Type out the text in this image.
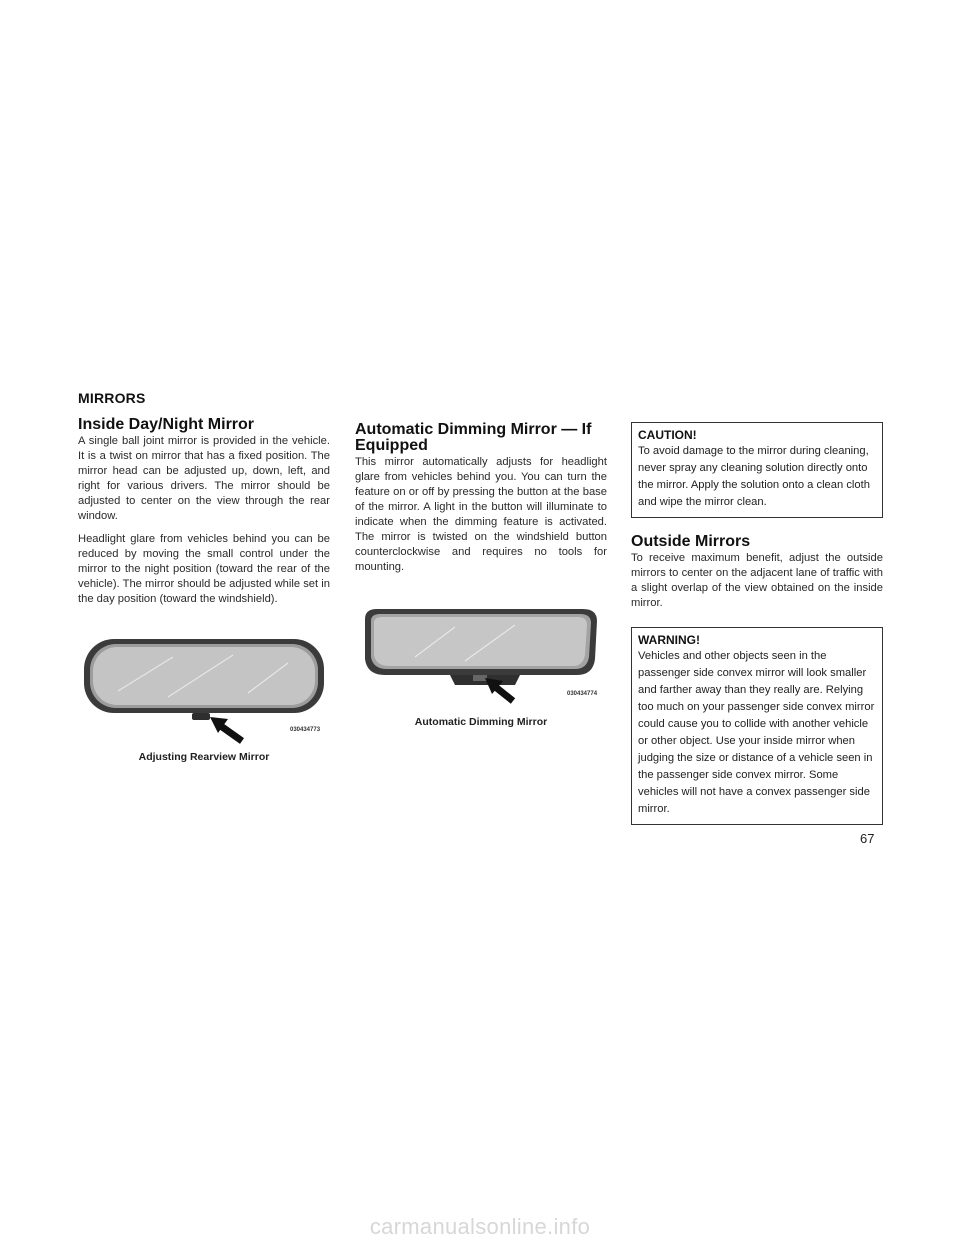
MIRRORS
Inside Day/Night Mirror

A single ball joint mirror is provided in the vehicle. It is a twist on mirror that has a fixed position. The mirror head can be adjusted up, down, left, and right for various drivers. The mirror should be adjusted to center on the view through the rear window.

Headlight glare from vehicles behind you can be reduced by moving the small control under the mirror to the night position (toward the rear of the vehicle). The mirror should be adjusted while set in the day position (toward the windshield).

030434773
Adjusting Rearview Mirror
Automatic Dimming Mirror — If Equipped

This mirror automatically adjusts for headlight glare from vehicles behind you. You can turn the feature on or off by pressing the button at the base of the mirror. A light in the button will illuminate to indicate when the dimming feature is activated. The mirror is twisted on the windshield button counterclockwise and requires no tools for mounting.

030434774
Automatic Dimming Mirror
CAUTION!
To avoid damage to the mirror during cleaning, never spray any cleaning solution directly onto the mirror. Apply the solution onto a clean cloth and wipe the mirror clean.
Outside Mirrors

To receive maximum benefit, adjust the outside mirrors to center on the adjacent lane of traffic with a slight overlap of the view obtained on the inside mirror.

WARNING!
Vehicles and other objects seen in the passenger side convex mirror will look smaller and farther away than they really are. Relying too much on your passenger side convex mirror could cause you to collide with another vehicle or other object. Use your inside mirror when judging the size or distance of a vehicle seen in the passenger side convex mirror. Some vehicles will not have a convex passenger side mirror.
67
carmanualsonline.info
